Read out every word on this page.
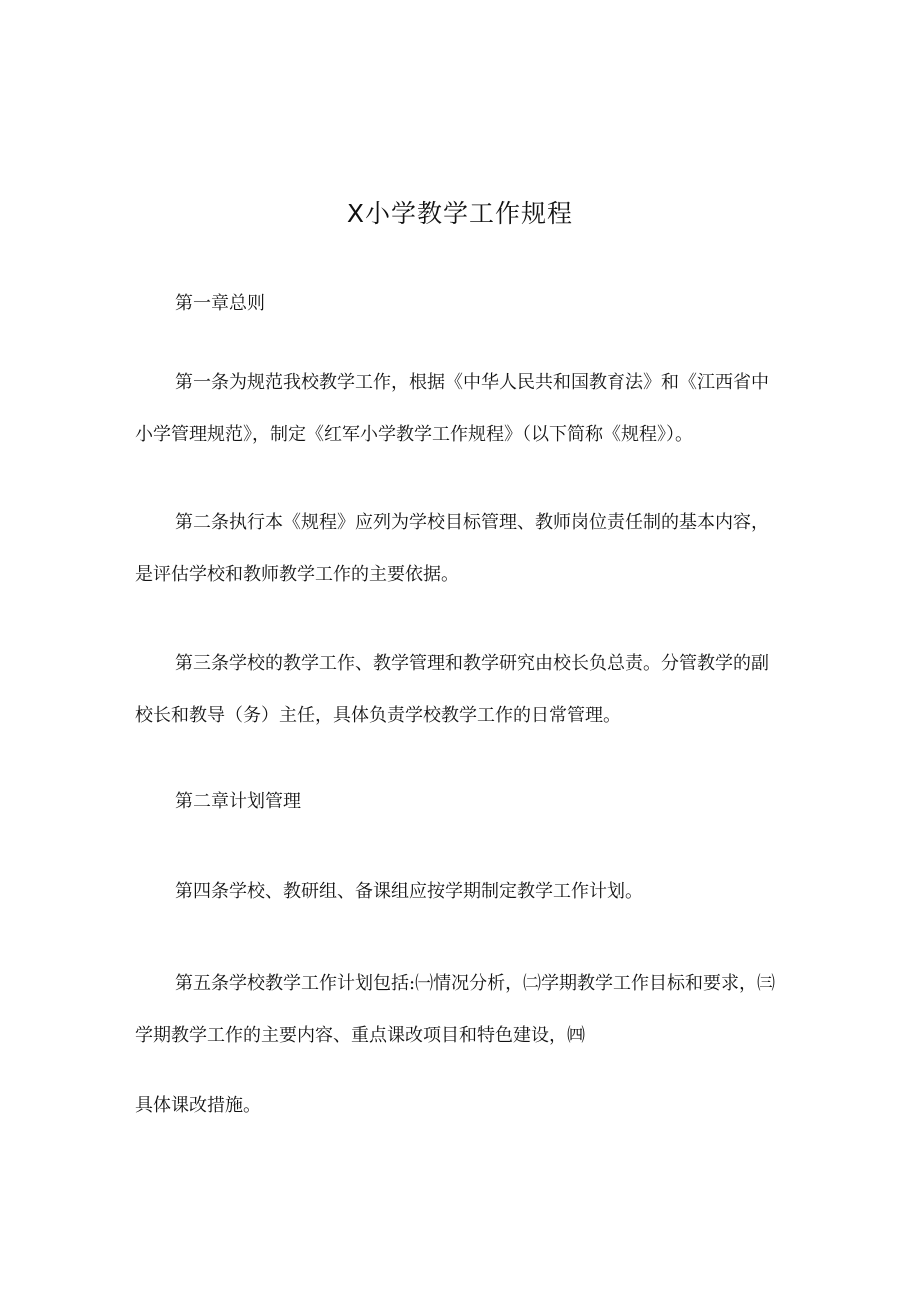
X小学教学工作规程

第一章总则

第一条为规范我校教学工作，根据《中华人民共和国教育法》和《江西省中
小学管理规范》，制定《红军小学教学工作规程》（以下简称《规程》）。
第二条执行本《规程》应列为学校目标管理、教师岗位责任制的基本内容，
是评估学校和教师教学工作的主要依据。
第三条学校的教学工作、教学管理和教学研究由校长负总责。分管教学的副
校长和教导（务）主任，具体负责学校教学工作的日常管理。

第二章计划管理

第四条学校、教研组、备课组应按学期制定教学工作计划。

第五条学校教学工作计划包括:㈠情况分析，㈡学期教学工作目标和要求，㈢
学期教学工作的主要内容、重点课改项目和特色建设，㈣

具体课改措施。
